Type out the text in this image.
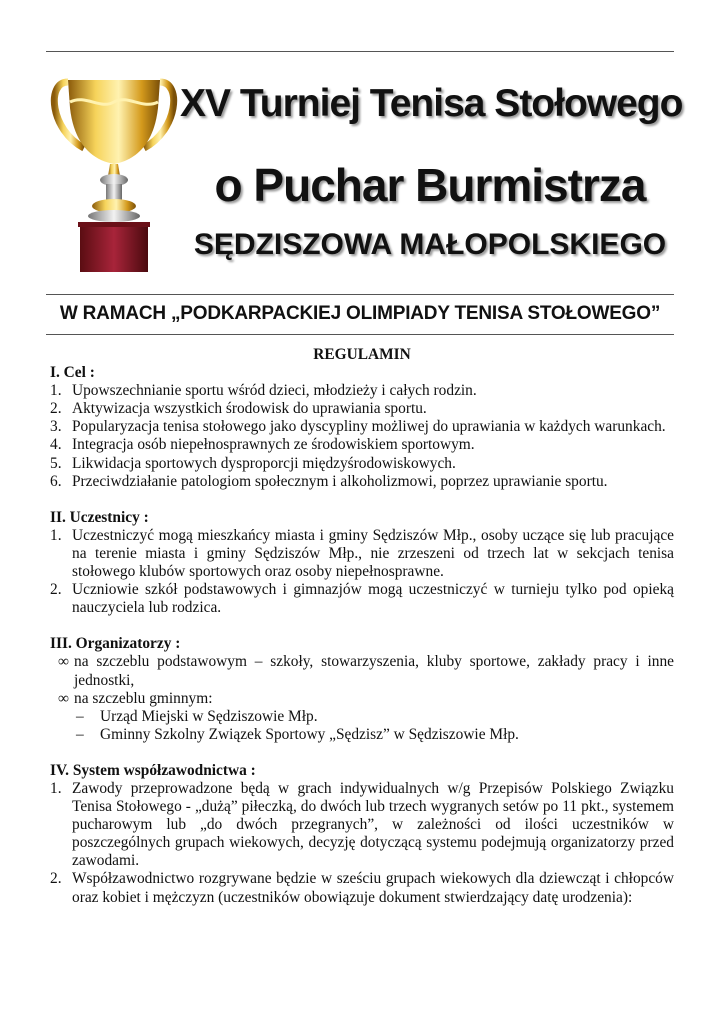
XV Turniej Tenisa Stołowego
o Puchar Burmistrza
SĘDZISZOWA MAŁOPOLSKIEGO
W RAMACH „PODKARPACKIEJ OLIMPIADY TENISA STOŁOWEGO”
REGULAMIN
I. Cel :
1. Upowszechnianie sportu wśród dzieci, młodzieży i całych rodzin.
2. Aktywizacja wszystkich środowisk do uprawiania sportu.
3. Popularyzacja tenisa stołowego jako dyscypliny możliwej do uprawiania w każdych warunkach.
4. Integracja osób niepełnosprawnych ze środowiskiem sportowym.
5. Likwidacja sportowych dysproporcji międzyśrodowiskowych.
6. Przeciwdziałanie patologiom społecznym i alkoholizmowi, poprzez uprawianie sportu.
II. Uczestnicy :
1. Uczestniczyć mogą mieszkańcy miasta i gminy Sędziszów Młp., osoby uczące się lub pracujące na terenie miasta i gminy Sędziszów Młp., nie zrzeszeni od trzech lat w sekcjach tenisa stołowego klubów sportowych oraz osoby niepełnosprawne.
2. Uczniowie szkół podstawowych i gimnazjów mogą uczestniczyć w turnieju tylko pod opieką nauczyciela lub rodzica.
III. Organizatorzy :
∞ na szczeblu podstawowym – szkoły, stowarzyszenia, kluby sportowe, zakłady pracy i inne jednostki,
∞ na szczeblu gminnym:
–	Urząd Miejski w Sędziszowie Młp.
–	Gminny Szkolny Związek Sportowy „Sędzisz” w Sędziszowie Młp.
IV. System współzawodnictwa :
1. Zawody przeprowadzone będą w grach indywidualnych w/g Przepisów Polskiego Związku Tenisa Stołowego - „dużą” piłeczką, do dwóch lub trzech wygranych setów po 11 pkt., systemem pucharowym lub „do dwóch przegranych”, w zależności od ilości uczestników w poszczególnych grupach wiekowych, decyzję dotyczącą systemu podejmują organizatorzy przed zawodami.
2. Współzawodnictwo rozgrywane będzie w sześciu grupach wiekowych dla dziewcząt i chłopców oraz kobiet i mężczyzn (uczestników obowiązuje dokument stwierdzający datę urodzenia):
